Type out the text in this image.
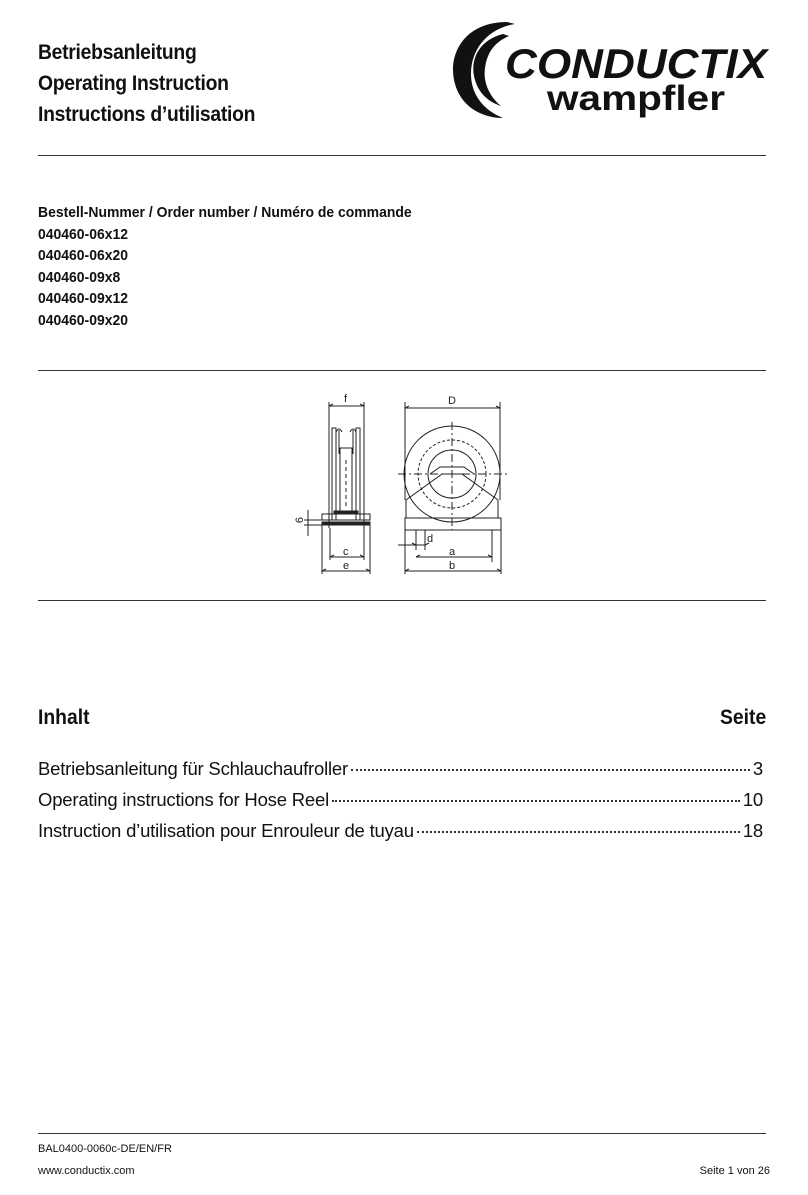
Betriebsanleitung
Operating Instruction
Instructions d’utilisation
CONDUCTIX
wampfler
Bestell-Nummer / Order number / Numéro de commande
040460-06x12
040460-06x20
040460-09x8
040460-09x12
040460-09x20
f	D
6
c
e
d
a
b
Inhalt	Seite
Betriebsanleitung für Schlauchaufroller	3
Operating instructions for Hose Reel	10
Instruction d’utilisation pour Enrouleur de tuyau	18
BAL0400-0060c-DE/EN/FR
www.conductix.com	Seite 1 von 26
